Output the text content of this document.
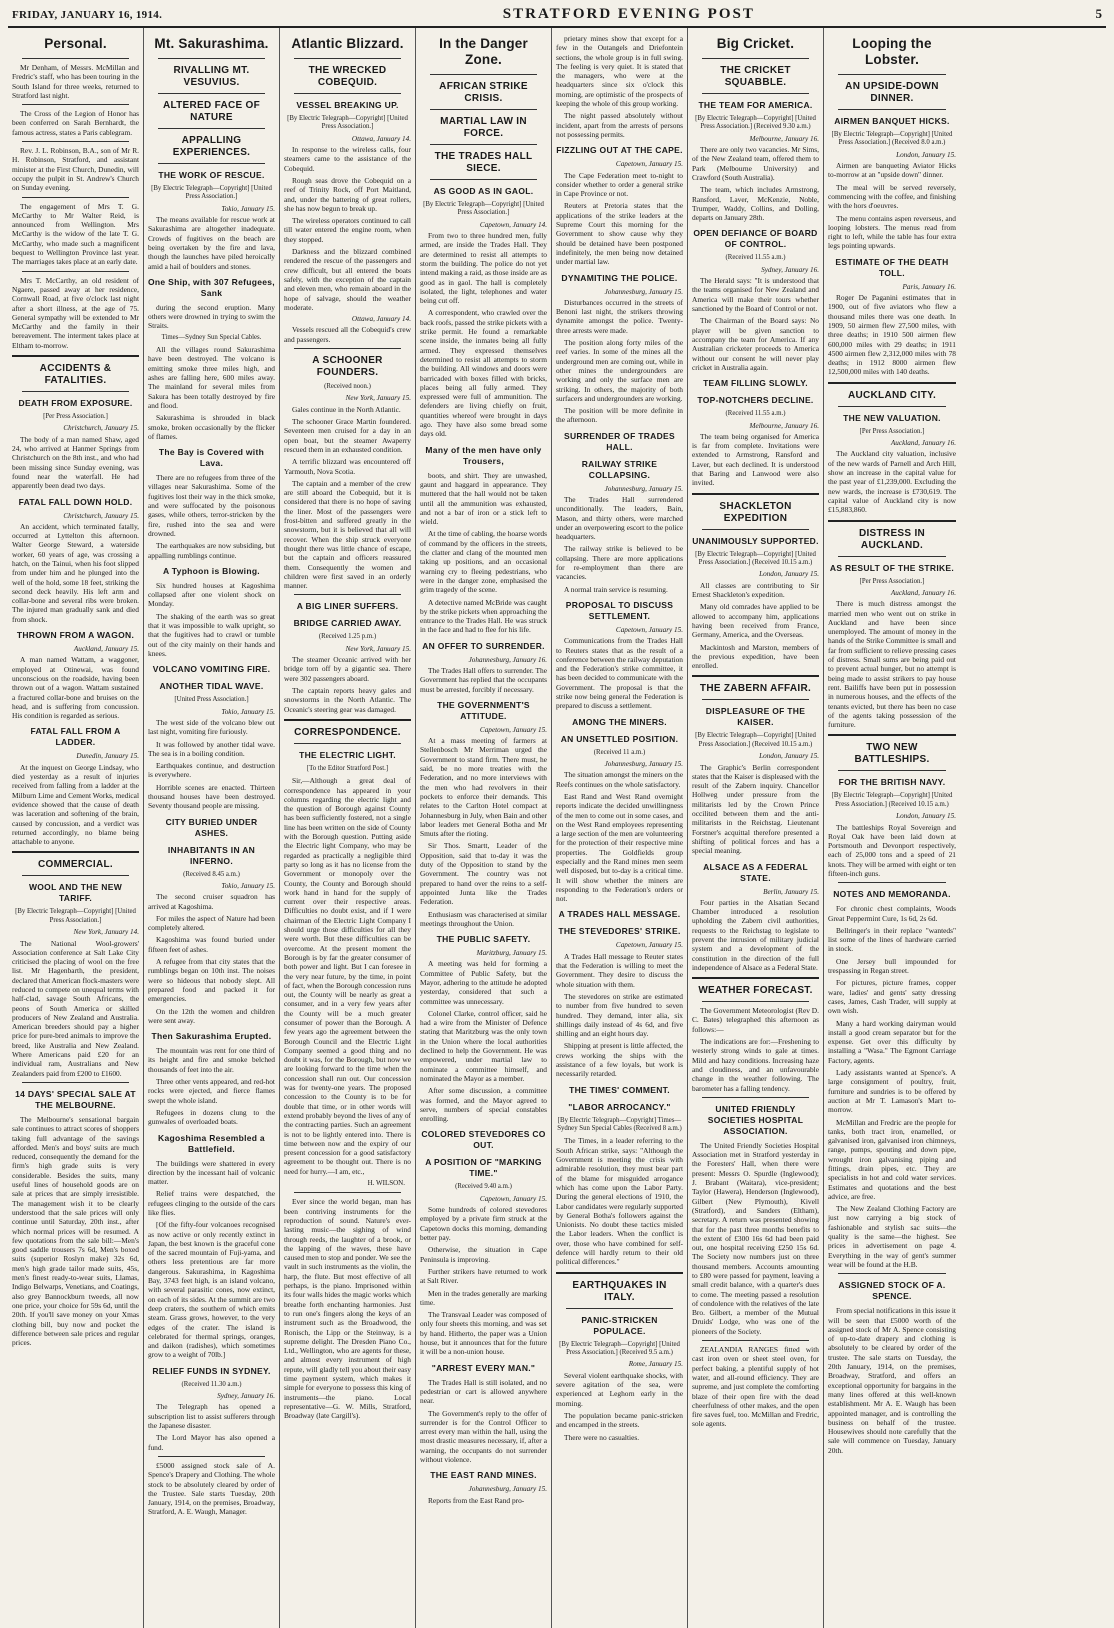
FRIDAY, JANUARY 16, 1914.	STRATFORD EVENING POST	5
Personal.

Mr Denham, of Messrs. McMillan and Fredric's staff, who has been touring in the South Island for three weeks, returned to Stratford last night.

The Cross of the Legion of Honor has been conferred on Sarah Bernhardt, the famous actress, states a Paris cablegram.

Rev. J. L. Robinson, B.A., son of Mr R. H. Robinson, Stratford, and assistant minister at the First Church, Dunedin, will occupy the pulpit in St. Andrew's Church on Sunday evening.

The engagement of Mrs T. G. McCarthy to Mr Walter Reid, is announced from Wellington. Mrs McCarthy is the widow of the late T. G. McCarthy, who made such a magnificent bequest to Wellington Province last year. The marriages takes place at an early date.

Mrs T. McCarthy, an old resident of Ngaere, passed away at her residence, Cornwall Road, at five o'clock last night after a short illness, at the age of 75. General sympathy will be extended to Mr McCarthy and the family in their bereavement. The interment takes place at Eltham to-morrow.

ACCIDENTS & FATALITIES.
DEATH FROM EXPOSURE.
[Per Press Association.]
Christchurch, January 15.

The body of a man named Shaw, aged 24, who arrived at Hanmer Springs from Christchurch on the 8th inst., and who had been missing since Sunday evening, was found near the waterfall. He had apparently been dead two days.

FATAL FALL DOWN HOLD.
Christchurch, January 15.

An accident, which terminated fatally, occurred at Lyttelton this afternoon. Walter George Steward, a waterside worker, 60 years of age, was crossing a hatch, on the Tainui, when his foot slipped from under him and he plunged into the well of the hold, some 18 feet, striking the second deck heavily. His left arm and collar-bone and several ribs were broken. The injured man gradually sank and died from shock.

THROWN FROM A WAGON.
Auckland, January 15.

A man named Wattam, a waggoner, employed at Otinewai, was found unconscious on the roadside, having been thrown out of a wagon. Wattam sustained a fractured collar-bone and bruises on the head, and is suffering from concussion. His condition is regarded as serious.

FATAL FALL FROM A LADDER.
Dunedin, January 15.

At the inquest on George Lindsay, who died yesterday as a result of injuries received from falling from a ladder at the Milburn Lime and Cement Works, medical evidence showed that the cause of death was laceration and softening of the brain, caused by concussion, and a verdict was returned accordingly, no blame being attachable to anyone.

COMMERCIAL.
WOOL AND THE NEW TARIFF.
[By Electric Telegraph—Copyright] [United Press Association.]
New York, January 14.

The National Wool-growers' Association conference at Salt Lake City criticised the placing of wool on the free list. Mr Hagenbarth, the president, declared that American flock-masters were reduced to compete on unequal terms with half-clad, savage South Africans, the peons of South America or skilled producers of New Zealand and Australia. American breeders should pay a higher price for pure-bred animals to improve the breed, like Australia and New Zealand. Where Americans paid £20 for an individual ram, Australians and New Zealanders paid from £200 to £1600.

14 DAYS' SPECIAL SALE AT THE MELBOURNE.

The Melbourne's sensational bargain sale continues to attract scores of shoppers taking full advantage of the savings afforded. Men's and boys' suits are much reduced, consequently the demand for the firm's high grade suits is very considerable. Besides the suits, many useful lines of household goods are on sale at prices that are simply irresistible. The management wish it to be clearly understood that the sale prices will only continue until Saturday, 20th inst., after which normal prices will be resumed. A few quotations from the sale bill:—Men's good saddle trousers 7s 6d, Men's boxed suits (superior Roslyn make) 32s 6d, men's high grade tailor made suits, 45s, men's finest ready-to-wear suits, Llamas, Indigo Belwarps, Venetians, and Coatings, also grey Bannockburn tweeds, all now one price, your choice for 59s 6d, until the 20th. If you'll save money on your Xmas clothing bill, buy now and pocket the difference between sale prices and regular prices.

Mt. Sakurashima.
RIVALLING MT. VESUVIUS.
ALTERED FACE OF NATURE
APPALLING EXPERIENCES.
THE WORK OF RESCUE.
[By Electric Telegraph—Copyright] [United Press Association.]
Tokio, January 15.

The means available for rescue work at Sakurashima are altogether inadequate. Crowds of fugitives on the beach are being overtaken by the fire and lava, though the launches have piled heroically amid a hail of boulders and stones.

One Ship, with 307 Refugees, Sank

during the second eruption. Many others were drowned in trying to swim the Straits.

Times—Sydney Sun Special Cables.

All the villages round Sakurashima have been destroyed. The volcano is emitting smoke three miles high, and ashes are falling here, 600 miles away. The mainland for several miles from Sakura has been totally destroyed by fire and flood.

Sakurashima is shrouded in black smoke, broken occasionally by the flicker of flames.

The Bay is Covered with Lava.

There are no refugees from three of the villages near Sakurashima. Some of the fugitives lost their way in the thick smoke, and were suffocated by the poisonous gases, while others, terror-stricken by the fire, rushed into the sea and were drowned.

The earthquakes are now subsiding, but appalling rumblings continue.

A Typhoon is Blowing.

Six hundred houses at Kagoshima collapsed after one violent shock on Monday.

The shaking of the earth was so great that it was impossible to walk upright, so that the fugitives had to crawl or tumble out of the city mainly on their hands and knees.

VOLCANO VOMITING FIRE.
ANOTHER TIDAL WAVE.
[United Press Association.]
Tokio, January 15.

The west side of the volcano blew out last night, vomiting fire furiously.

It was followed by another tidal wave. The sea is in a boiling condition.

Earthquakes continue, and destruction is everywhere.

Horrible scenes are enacted. Thirteen thousand houses have been destroyed. Seventy thousand people are missing.

CITY BURIED UNDER ASHES.
INHABITANTS IN AN INFERNO.
(Received 8.45 a.m.)
Tokio, January 15.

The second cruiser squadron has arrived at Kagoshima.

For miles the aspect of Nature had been completely altered.

Kagoshima was found buried under fifteen feet of ashes.

A refugee from that city states that the rumblings began on 10th inst. The noises were so hideous that nobody slept. All prepared food and packed it for emergencies.

On the 12th the women and children were sent away.

Then Sakurashima Erupted.

The mountain was rent for one third of its height and fire and smoke belched thousands of feet into the air.

Three other vents appeared, and red-hot rocks were ejected, and fierce flames swept the whole island.

Refugees in dozens clung to the gunwales of overloaded boats.

Kagoshima Resembled a Battlefield.

The buildings were shattered in every direction by the incessant hail of volcanic matter.

Relief trains were despatched, the refugees clinging to the outside of the cars like flies.

[Of the fifty-four volcanoes recognised as now active or only recently extinct in Japan, the best known is the graceful cone of the sacred mountain of Fuji-yama, and others less pretentious are far more dangerous. Sakurashima, in Kagoshima Bay, 3743 feet high, is an island volcano, with several parasitic cones, now extinct, on each of its sides. At the summit are two deep craters, the southern of which emits steam. Grass grows, however, to the very edges of the crater. The island is celebrated for thermal springs, oranges, and daikon (radishes), which sometimes grow to a weight of 70lb.]

RELIEF FUNDS IN SYDNEY.
(Received 11.30 a.m.)
Sydney, January 16.

The Telegraph has opened a subscription list to assist sufferers through the Japanese disaster.

The Lord Mayor has also opened a fund.

£5000 assigned stock sale of A. Spence's Drapery and Clothing. The whole stock to be absolutely cleared by order of the Trustee. Sale starts Tuesday, 20th January, 1914, on the premises, Broadway, Stratford, A. E. Waugh, Manager.

Atlantic Blizzard.
THE WRECKED COBEQUID.
VESSEL BREAKING UP.
[By Electric Telegraph—Copyright] [United Press Association.]
Ottawa, January 14.

In response to the wireless calls, four steamers came to the assistance of the Cobequid.

Rough seas drove the Cobequid on a reef of Trinity Rock, off Port Maitland, and, under the battering of great rollers, she has now begun to break up.

The wireless operators continued to call till water entered the engine room, when they stopped.

Darkness and the blizzard combined rendered the rescue of the passengers and crew difficult, but all entered the boats safely, with the exception of the captain and eleven men, who remain aboard in the hope of salvage, should the weather moderate.

Ottawa, January 14.

Vessels rescued all the Cobequid's crew and passengers.

A SCHOONER FOUNDERS.
(Received noon.)
New York, January 15.

Gales continue in the North Atlantic.

The schooner Grace Martin foundered. Seventeen men cruised for a day in an open boat, but the steamer Awaperry rescued them in an exhausted condition.

A terrific blizzard was encountered off Yarmouth, Nova Scotia.

The captain and a member of the crew are still aboard the Cobequid, but it is considered that there is no hope of saving the liner. Most of the passengers were frost-bitten and suffered greatly in the snowstorm, but it is believed that all will recover. When the ship struck everyone thought there was little chance of escape, but the captain and officers reassured them. Consequently the women and children were first saved in an orderly manner.

A BIG LINER SUFFERS.
BRIDGE CARRIED AWAY.
(Received 1.25 p.m.)
New York, January 15.

The steamer Oceanic arrived with her bridge torn off by a gigantic sea. There were 302 passengers aboard.

The captain reports heavy gales and snowstorms in the North Atlantic. The Oceanic's steering gear was damaged.

CORRESPONDENCE.
THE ELECTRIC LIGHT.
[To the Editor Stratford Post.]

Sir,—Although a great deal of correspondence has appeared in your columns regarding the electric light and the question of Borough against County has been sufficiently fostered, not a single line has been written on the side of County with the Borough question. Putting aside the Electric light Company, who may be regarded as practically a negligible third party so long as it has no license from the Government or monopoly over the County, the County and Borough should work hand in hand for the supply of current over their respective areas. Difficulties no doubt exist, and if I were chairman of the Electric Light Company I should urge those difficulties for all they were worth. But these difficulties can be overcome. At the present moment the Borough is by far the greater consumer of both power and light. But I can foresee in the very near future, by the time, in point of fact, when the Borough concession runs out, the County will be nearly as great a consumer, and in a very few years after the County will be a much greater consumer of power than the Borough. A few years ago the agreement between the Borough Council and the Electric Light Company seemed a good thing and no doubt it was, for the Borough, but now we are looking forward to the time when the concession shall run out. Our concession was for twenty-one years. The proposed concession to the County is to be for double that time, or in other words will extend probably beyond the lives of any of the contracting parties. Such an agreement is not to be lightly entered into. There is time between now and the expiry of our present concession for a good satisfactory agreement to be thought out. There is no need for hurry.—I am, etc.,

H. WILSON.

Ever since the world began, man has been contriving instruments for the reproduction of sound. Nature's ever-lasting music—the sighing of wind through reeds, the laughter of a brook, or the lapping of the waves, these have caused men to stop and ponder. We see the vault in such instruments as the violin, the harp, the flute. But most effective of all perhaps, is the piano. Imprisoned within its four walls hides the magic works which breathe forth enchanting harmonies. Just to run one's fingers along the keys of an instrument such as the Broadwood, the Ronisch, the Lipp or the Steinway, is a supreme delight. The Dresden Piano Co., Ltd., Wellington, who are agents for these, and almost every instrument of high repute, will gladly tell you about their easy time payment system, which makes it simple for everyone to possess this king of instruments—the piano. Local representative—G. W. Mills, Stratford, Broadway (late Cargill's).

In the Danger Zone.
AFRICAN STRIKE CRISIS.
MARTIAL LAW IN FORCE.
THE TRADES HALL SIECE.
AS GOOD AS IN GAOL.
[By Electric Telegraph—Copyright] [United Press Association.]
Capetown, January 14.

From two to three hundred men, fully armed, are inside the Trades Hall. They are determined to resist all attempts to storm the building. The police do not yet intend making a raid, as those inside are as good as in gaol. The hall is completely isolated, the light, telephones and water being cut off.

A correspondent, who crawled over the back roofs, passed the strike pickets with a strike permit. He found a remarkable scene inside, the inmates being all fully armed. They expressed themselves determined to resist all attempts to storm the building. All windows and doors were barricaded with boxes filled with bricks, places being all fully armed. They expressed were full of ammunition. The defenders are living chiefly on fruit, quantities whereof were brought in days ago. They have also some bread some days old.

Many of the men have only Trousers,

boots, and shirt. They are unwashed, gaunt and haggard in appearance. They muttered that the hall would not be taken until all the ammunition was exhausted, and not a bar of iron or a stick left to wield.

At the time of cabling, the hoarse words of command by the officers in the streets, the clatter and clang of the mounted men taking up positions, and an occasional warning cry to fleeing pedestrians, who were in the danger zone, emphasised the grim tragedy of the scene.

A detective named McBride was caught by the strike pickets when approaching the entrance to the Trades Hall. He was struck in the face and had to flee for his life.

AN OFFER TO SURRENDER.
Johannesburg, January 16.

The Trades Hall offers to surrender. The Government has replied that the occupants must be arrested, forcibly if necessary.

THE GOVERNMENT'S ATTITUDE.
Capetown, January 15.

At a mass meeting of farmers at Stellenbosch Mr Merriman urged the Government to stand firm. There must, he said, be no more treaties with the Federation, and no more interviews with the men who had revolvers in their pockets to enforce their demands. This relates to the Carlton Hotel compact at Johannesburg in July, when Bain and other labor leaders met General Botha and Mr Smuts after the rioting.

Sir Thos. Smartt, Leader of the Opposition, said that to-day it was the duty of the Opposition to stand by the Government. The country was not prepared to hand over the reins to a self-appointed Junta like the Trades Federation.

Enthusiasm was characterised at similar meetings throughout the Union.

THE PUBLIC SAFETY.
Maritzburg, January 15.

A meeting was held for forming a Committee of Public Safety, but the Mayor, adhering to the attitude he adopted yesterday, considered that such a committee was unnecessary.

Colonel Clarke, control officer, said he had a wire from the Minister of Defence stating that Maritzburg was the only town in the Union where the local authorities declined to help the Government. He was empowered, under martial law to nominate a committee himself, and nominated the Mayor as a member.

After some discussion, a committee was formed, and the Mayor agreed to serve, numbers of special constables enrolling.

COLORED STEVEDORES CO OUT.
A POSITION OF "MARKING TIME."
(Received 9.40 a.m.)
Capetown, January 15.

Some hundreds of colored stevedores employed by a private firm struck at the Capetown docks this morning, demanding better pay.

Otherwise, the situation in Cape Peninsula is improving.

Further strikers have returned to work at Salt River.

Men in the trades generally are marking time.

The Transvaal Leader was composed of only four sheets this morning, and was set by hand. Hitherto, the paper was a Union house, but it announces that for the future it will be a non-union house.

"ARREST EVERY MAN."

The Trades Hall is still isolated, and no pedestrian or cart is allowed anywhere near.

The Government's reply to the offer of surrender is for the Control Officer to arrest every man within the hall, using the most drastic measures necessary, if, after a warning, the occupants do not surrender without violence.

THE EAST RAND MINES.
Johannesburg, January 15.

Reports from the East Rand pro-

prietary mines show that except for a few in the Outangels and Driefontein sections, the whole group is in full swing. The feeling is very quiet. It is stated that the managers, who were at the headquarters since six o'clock this morning, are optimistic of the prospects of keeping the whole of this group working.

The night passed absolutely without incident, apart from the arrests of persons not possessing permits.

FIZZLING OUT AT THE CAPE.
Capetown, January 15.

The Cape Federation meet to-night to consider whether to order a general strike in Cape Province or not.

Reuters at Pretoria states that the applications of the strike leaders at the Supreme Court this morning for the Government to show cause why they should be detained have been postponed indefinitely, the men being now detained under martial law.

DYNAMITING THE POLICE.
Johannesburg, January 15.

Disturbances occurred in the streets of Benoni last night, the strikers throwing dynamite amongst the police. Twenty-three arrests were made.

The position along forty miles of the reef varies. In some of the mines all the underground men are coming out, while in other mines the undergrounders are working and only the surface men are striking. In others, the majority of both surfacers and undergrounders are working.

The position will be more definite in the afternoon.

SURRENDER OF TRADES HALL.
RAILWAY STRIKE COLLAPSING.
Johannesburg, January 15.

The Trades Hall surrendered unconditionally. The leaders, Bain, Mason, and thirty others, were marched under an overpowering escort to the police headquarters.

The railway strike is believed to be collapsing. There are more applications for re-employment than there are vacancies.

A normal train service is resuming.

PROPOSAL TO DISCUSS SETTLEMENT.
Capetown, January 15.

Communications from the Trades Hall to Reuters states that as the result of a conference between the railway deputation and the Federation's strike committee, it has been decided to communicate with the Government. The proposal is that the strike now being general the Federation is prepared to discuss a settlement.

AMONG THE MINERS.
AN UNSETTLED POSITION.
(Received 11 a.m.)
Johannesburg, January 15.

The situation amongst the miners on the Reefs continues on the whole satisfactory.

East Rand and West Rand overnight reports indicate the decided unwillingness of the men to come out in some cases, and on the West Rand employees representing a large section of the men are volunteering for the protection of their respective mine properties. The Goldfields group especially and the Rand mines men seem well disposed, but to-day is a critical time. It will show whether the miners are responding to the Federation's orders or not.

A TRADES HALL MESSAGE.
THE STEVEDORES' STRIKE.
Capetown, January 15.

A Trades Hall message to Reuter states that the Federation is willing to meet the Government. They desire to discuss the whole situation with them.

The stevedores on strike are estimated to number from five hundred to seven hundred. They demand, inter alia, six shillings daily instead of 4s 6d, and five shilling and an eight hours day.

Shipping at present is little affected, the crews working the ships with the assistance of a few loyals, but work is necessarily retarded.

THE TIMES' COMMENT.
"LABOR ARROCANCY."
[By Electric Telegraph—Copyright] Times—Sydney Sun Special Cables (Received 8 a.m.)

The Times, in a leader referring to the South African strike, says: "Although the Government is meeting the crisis with admirable resolution, they must bear part of the blame for misguided arrogance which has come upon the Labor Party. During the general elections of 1910, the Labor candidates were regularly supported by General Botha's followers against the Unionists. No doubt these tactics misled the Labor leaders. When the conflict is over, those who have combined for self-defence will hardly return to their old political differences."

EARTHQUAKES IN ITALY.
PANIC-STRICKEN POPULACE.
[By Electric Telegraph—Copyright] [United Press Association.] (Received 9.5 a.m.)
Rome, January 15.

Several violent earthquake shocks, with severe agitation of the sea, were experienced at Leghorn early in the morning.

The population became panic-stricken and encamped in the streets.

There were no casualties.

Big Cricket.
THE CRICKET SQUABBLE.
THE TEAM FOR AMERICA.
[By Electric Telegraph—Copyright] [United Press Association.] (Received 9.30 a.m.)
Melbourne, January 16.

There are only two vacancies. Mr Sims, of the New Zealand team, offered them to Park (Melbourne University) and Crawford (South Australia).

The team, which includes Armstrong, Ransford, Laver, McKenzie, Noble, Trumper, Waddy, Collins, and Dolling, departs on January 28th.

OPEN DEFIANCE OF BOARD OF CONTROL.
(Received 11.55 a.m.)
Sydney, January 16.

The Herald says: "It is understood that the teams organised for New Zealand and America will make their tours whether sanctioned by the Board of Control or not.

The Chairman of the Board says: No player will be given sanction to accompany the team for America. If any Australian cricketer proceeds to America without our consent he will never play cricket in Australia again.

TEAM FILLING SLOWLY.
TOP-NOTCHERS DECLINE.
(Received 11.55 a.m.)
Melbourne, January 16.

The team being organised for America is far from complete. Invitations were extended to Armstrong, Ransford and Laver, but each declined. It is understood that Baring and Lanwood were also invited.

SHACKLETON EXPEDITION
UNANIMOUSLY SUPPORTED.
[By Electric Telegraph—Copyright] [United Press Association.] (Received 10.15 a.m.)
London, January 15.

All classes are contributing to Sir Ernest Shackleton's expedition.

Many old comrades have applied to be allowed to accompany him, applications having been received from France, Germany, America, and the Overseas.

Mackintosh and Marston, members of the previous expedition, have been enrolled.

THE ZABERN AFFAIR.
DISPLEASURE OF THE KAISER.
[By Electric Telegraph—Copyright] [United Press Association.] (Received 10.15 a.m.)
London, January 15.

The Graphic's Berlin correspondent states that the Kaiser is displeased with the result of the Zabern inquiry. Chancellor Hollweg under pressure from the militarists led by the Crown Prince occilited between them and the anti-militarists in the Reichstag. Lieutenant Forstner's acquittal therefore presented a shifting of political forces and has a special meaning.

ALSACE AS A FEDERAL STATE.
Berlin, January 15.

Four parties in the Alsatian Secand Chamber introduced a resolution upholding the Zabern civil authorities, requests to the Reichstag to legislate to prevent the intrusion of military judicial system and a development of the constitution in the direction of the full independence of Alsace as a Federal State.

WEATHER FORECAST.

The Government Meteorologist (Rev D. C. Bates) telegraphed this afternoon as follows:—

The indications are for:—Freshening to westerly strong winds to gale at times. Mild and hazy conditions. Increasing haze and cloudiness, and an unfavourable change in the weather following. The barometer has a falling tendency.

UNITED FRIENDLY SOCIETIES HOSPITAL ASSOCIATION.

The United Friendly Societies Hospital Association met in Stratford yesterday in the Foresters' Hall, when there were present: Messrs O. Spurdle (Inglewood); J. Brabant (Waitara), vice-president; Taylor (Hawera), Henderson (Inglewood), Gilbert (New Plymouth), Kivell (Stratford), and Sanders (Eltham), secretary. A return was presented showing that for the past three months benefits to the extent of £300 16s 6d had been paid out, one hospital receiving £250 15s 6d. The Society now numbers just on three thousand members. Accounts amounting to £80 were passed for payment, leaving a small credit balance, with a quarter's dues to come. The meeting passed a resolution of condolence with the relatives of the late Bro. Gilbert, a member of the Mutual Druids' Lodge, who was one of the pioneers of the Society.

ZEALANDIA RANGES fitted with cast iron oven or sheet steel oven, for perfect baking, a plentiful supply of hot water, and all-round efficiency. They are supreme, and just complete the comforting blaze of their open fire with the dead cheerfulness of other makes, and the open fire saves fuel, too. McMillan and Fredric, sole agents.

Looping the Lobster.
AN UPSIDE-DOWN DINNER.
AIRMEN BANQUET HICKS.
[By Electric Telegraph—Copyright] [United Press Association.] (Received 8.0 a.m.)
London, January 15.

Airmen are banqueting Aviator Hicks to-morrow at an "upside down" dinner.

The meal will be served reversely, commencing with the coffee, and finishing with the hors d'oeuvres.

The menu contains aspen reverseus, and looping lobsters. The menus read from right to left, while the table has four extra legs pointing upwards.

ESTIMATE OF THE DEATH TOLL.
Paris, January 16.

Roger De Paganini estimates that in 1900, out of five aviators who flew a thousand miles there was one death. In 1909, 50 airmen flew 27,500 miles, with three deaths; in 1910 500 airmen flew 600,000 miles with 29 deaths; in 1911 4500 airmen flew 2,312,000 miles with 78 deaths; in 1912 8000 airmen flew 12,500,000 miles with 140 deaths.

AUCKLAND CITY.
THE NEW VALUATION.
[Per Press Association.]
Auckland, January 16.

The Auckland city valuation, inclusive of the new wards of Parnell and Arch Hill, show an increase in the capital value for the past year of £1,239,000. Excluding the new wards, the increase is £730,619. The capital value of Auckland city is now £15,883,860.

DISTRESS IN AUCKLAND.
AS RESULT OF THE STRIKE.
[Per Press Association.]
Auckland, January 16.

There is much distress amongst the married men who went out on strike in Auckland and have been since unemployed. The amount of money in the hands of the Strike Committee is small and far from sufficient to relieve pressing cases of distress. Small sums are being paid out to prevent actual hunger, but no attempt is being made to assist strikers to pay house rent. Bailiffs have been put in possession in numerous houses, and the effects of the tenants evicted, but there has been no case of the agents taking possession of the furniture.

TWO NEW BATTLESHIPS.
FOR THE BRITISH NAVY.
[By Electric Telegraph—Copyright] [United Press Association.] (Received 10.15 a.m.)
London, January 15.

The battleships Royal Sovereign and Royal Oak have been laid down at Portsmouth and Devonport respectively, each of 25,000 tons and a speed of 21 knots. They will be armed with eight or ten fifteen-inch guns.

NOTES AND MEMORANDA.

For chronic chest complaints, Woods Great Peppermint Cure, 1s 6d, 2s 6d.

Bellringer's in their replace "wanteds" list some of the lines of hardware carried in stock.

One Jersey bull impounded for trespassing in Regan street.

For pictures, picture frames, copper ware, ladies' and gents' satty dressing cases, James, Cash Trader, will supply at own wish.

Many a hard working dairyman would install a good cream separator but for the expense. Get over this difficulty by installing a "Wasa." The Egmont Carriage Factory, agents.

Lady assistants wanted at Spence's. A large consignment of poultry, fruit, furniture and sundries is to be offered by auction at Mr T. Lamason's Mart to-morrow.

McMillan and Fredric are the people for tanks, both tract iron, enamelled, or galvanised iron, galvanised iron chimneys, range, pumps, spouting and down pipe, wrought iron galvanising piping and fittings, drain pipes, etc. They are specialists in hot and cold water services. Estimates and quotations and the best advice, are free.

The New Zealand Clothing Factory are just now carrying a big stock of fashionable and stylish sac suits—the quality is the same—the highest. See prices in advertisement on page 4. Everything in the way of gent's summer wear will be found at the H.B.

ASSIGNED STOCK OF A. SPENCE.

From special notifications in this issue it will be seen that £5000 worth of the assigned stock of Mr A. Spence consisting of up-to-date drapery and clothing is absolutely to be cleared by order of the trustee. The sale starts on Tuesday, the 20th January, 1914, on the premises, Broadway, Stratford, and offers an exceptional opportunity for bargains in the many lines offered at this well-known establishment. Mr A. E. Waugh has been appointed manager, and is controlling the business on behalf of the trustee. Housewives should note carefully that the sale will commence on Tuesday, January 20th.
